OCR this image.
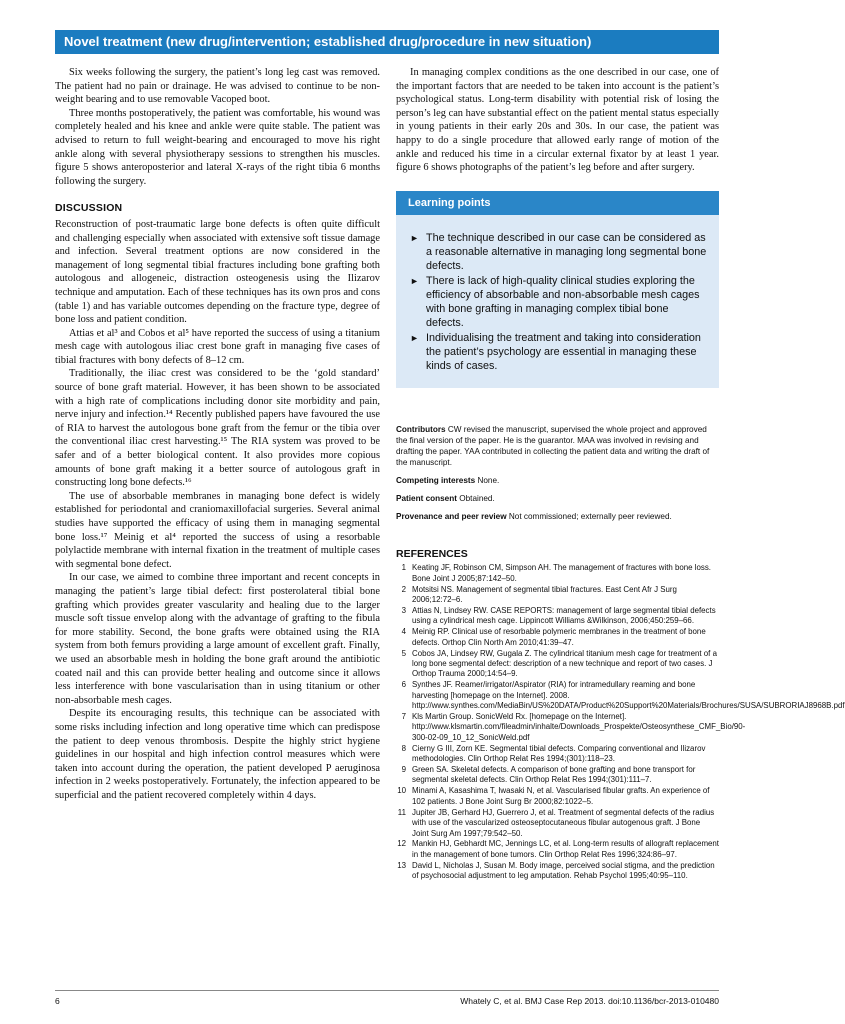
Novel treatment (new drug/intervention; established drug/procedure in new situation)

Six weeks following the surgery, the patient’s long leg cast was removed. The patient had no pain or drainage. He was advised to continue to be non-weight bearing and to use removable Vacoped boot.

Three months postoperatively, the patient was comfortable, his wound was completely healed and his knee and ankle were quite stable. The patient was advised to return to full weight-bearing and encouraged to move his right ankle along with several physiotherapy sessions to strengthen his muscles. figure 5 shows anteroposterior and lateral X-rays of the right tibia 6 months following the surgery.

DISCUSSION

Reconstruction of post-traumatic large bone defects is often quite difficult and challenging especially when associated with extensive soft tissue damage and infection. Several treatment options are now considered in the management of long segmental tibial fractures including bone grafting both autologous and allogeneic, distraction osteogenesis using the Ilizarov technique and amputation. Each of these techniques has its own pros and cons (table 1) and has variable outcomes depending on the fracture type, degree of bone loss and patient condition.

Attias et al³ and Cobos et al⁵ have reported the success of using a titanium mesh cage with autologous iliac crest bone graft in managing five cases of tibial fractures with bony defects of 8–12 cm.

Traditionally, the iliac crest was considered to be the ‘gold standard’ source of bone graft material. However, it has been shown to be associated with a high rate of complications including donor site morbidity and pain, nerve injury and infection.¹⁴ Recently published papers have favoured the use of RIA to harvest the autologous bone graft from the femur or the tibia over the conventional iliac crest harvesting.¹⁵ The RIA system was proved to be safer and of a better biological content. It also provides more copious amounts of bone graft making it a better source of autologous graft in constructing long bone defects.¹⁶

The use of absorbable membranes in managing bone defect is widely established for periodontal and craniomaxillofacial surgeries. Several animal studies have supported the efficacy of using them in managing segmental bone loss.¹⁷ Meinig et al⁴ reported the success of using a resorbable polylactide membrane with internal fixation in the treatment of multiple cases with segmental bone defect.

In our case, we aimed to combine three important and recent concepts in managing the patient’s large tibial defect: first posterolateral tibial bone grafting which provides greater vascularity and healing due to the larger muscle soft tissue envelop along with the advantage of grafting to the fibula for more stability. Second, the bone grafts were obtained using the RIA system from both femurs providing a large amount of excellent graft. Finally, we used an absorbable mesh in holding the bone graft around the antibiotic coated nail and this can provide better healing and outcome since it allows less interference with bone vascularisation than in using titanium or other non-absorbable mesh cages.

Despite its encouraging results, this technique can be associated with some risks including infection and long operative time which can predispose the patient to deep venous thrombosis. Despite the highly strict hygiene guidelines in our hospital and high infection control measures which were taken into account during the operation, the patient developed P aeruginosa infection in 2 weeks postoperatively. Fortunately, the infection appeared to be superficial and the patient recovered completely within 4 days.

In managing complex conditions as the one described in our case, one of the important factors that are needed to be taken into account is the patient’s psychological status. Long-term disability with potential risk of losing the person’s leg can have substantial effect on the patient mental status especially in young patients in their early 20s and 30s. In our case, the patient was happy to do a single procedure that allowed early range of motion of the ankle and reduced his time in a circular external fixator by at least 1 year. figure 6 shows photographs of the patient’s leg before and after surgery.

Learning points
► The technique described in our case can be considered as a reasonable alternative in managing long segmental bone defects.
► There is lack of high-quality clinical studies exploring the efficiency of absorbable and non-absorbable mesh cages with bone grafting in managing complex tibial bone defects.
► Individualising the treatment and taking into consideration the patient’s psychology are essential in managing these kinds of cases.

Contributors CW revised the manuscript, supervised the whole project and approved the final version of the paper. He is the guarantor. MAA was involved in revising and drafting the paper. YAA contributed in collecting the patient data and writing the draft of the manuscript.

Competing interests None.

Patient consent Obtained.

Provenance and peer review Not commissioned; externally peer reviewed.

REFERENCES
1 Keating JF, Robinson CM, Simpson AH. The management of fractures with bone loss. Bone Joint J 2005;87:142–50.
2 Motsitsi NS. Management of segmental tibial fractures. East Cent Afr J Surg 2006;12:72–6.
3 Attias N, Lindsey RW. CASE REPORTS: management of large segmental tibial defects using a cylindrical mesh cage. Lippincott Williams &Wilkinson, 2006;450:259–66.
4 Meinig RP. Clinical use of resorbable polymeric membranes in the treatment of bone defects. Orthop Clin North Am 2010;41:39–47.
5 Cobos JA, Lindsey RW, Gugala Z. The cylindrical titanium mesh cage for treatment of a long bone segmental defect: description of a new technique and report of two cases. J Orthop Trauma 2000;14:54–9.
6 Synthes JF. Reamer/irrigator/Aspirator (RIA) for intramedullary reaming and bone harvesting [homepage on the Internet]. 2008. http://www.synthes.com/MediaBin/US%20DATA/Product%20Support%20Materials/Brochures/SUSA/SUBRORIAJ8968B.pdf
7 Kls Martin Group. SonicWeld Rx. [homepage on the Internet]. http://www.klsmartin.com/fileadmin/inhalte/Downloads_Prospekte/Osteosynthese_CMF_Bio/90-300-02-09_10_12_SonicWeld.pdf
8 Cierny G III, Zorn KE. Segmental tibial defects. Comparing conventional and Ilizarov methodologies. Clin Orthop Relat Res 1994;(301):118–23.
9 Green SA. Skeletal defects. A comparison of bone grafting and bone transport for segmental skeletal defects. Clin Orthop Relat Res 1994;(301):111–7.
10 Minami A, Kasashima T, Iwasaki N, et al. Vascularised fibular grafts. An experience of 102 patients. J Bone Joint Surg Br 2000;82:1022–5.
11 Jupiter JB, Gerhard HJ, Guerrero J, et al. Treatment of segmental defects of the radius with use of the vascularized osteoseptocutaneous fibular autogenous graft. J Bone Joint Surg Am 1997;79:542–50.
12 Mankin HJ, Gebhardt MC, Jennings LC, et al. Long-term results of allograft replacement in the management of bone tumors. Clin Orthop Relat Res 1996;324:86–97.
13 David L, Nicholas J, Susan M. Body image, perceived social stigma, and the prediction of psychosocial adjustment to leg amputation. Rehab Psychol 1995;40:95–110.
6	Whately C, et al. BMJ Case Rep 2013. doi:10.1136/bcr-2013-010480
